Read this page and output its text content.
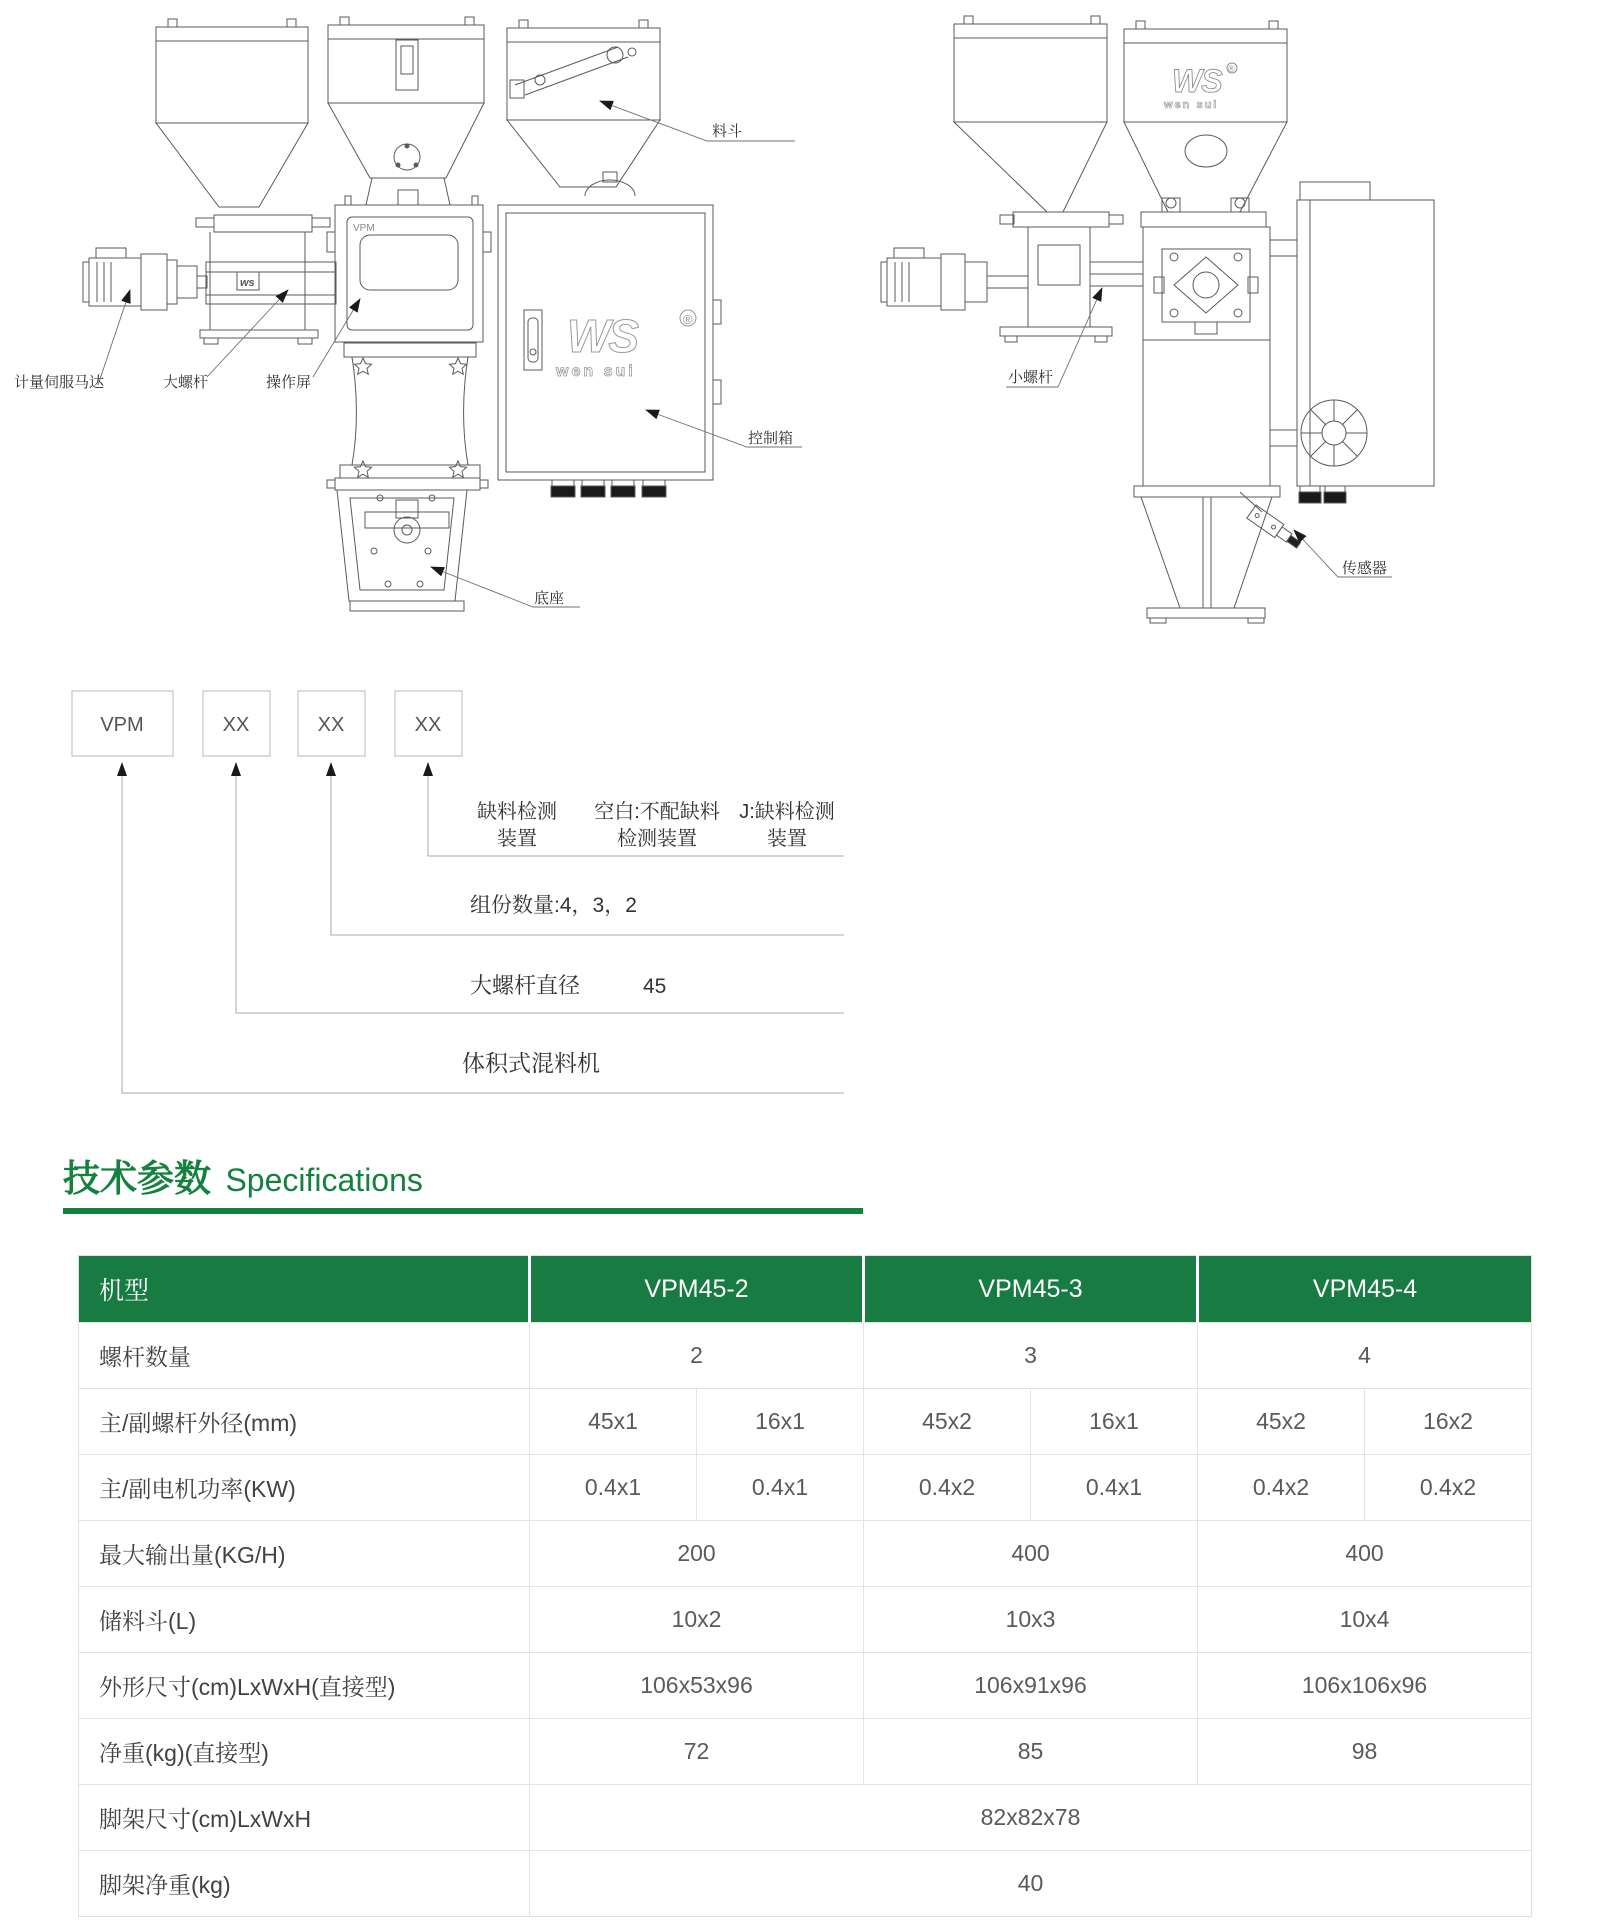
ws
VPM
WS	®
wen sui
WS ®
wen sui
计量伺服马达	大螺杆	操作屏
料斗
控制箱
底座
小螺杆
传感器
VPM	XX	XX	XX
缺料检测
装置
空白:不配缺料
检测装置
J:缺料检测
装置
组份数量:4，3，2
大螺杆直径	45
体积式混料机
技术参数 Specifications
机型	VPM45-2		VPM45-3		VPM45-4	
螺杆数量	2		3		4	
主/副螺杆外径(mm)	45x1	16x1	45x2	16x1	45x2	16x2
主/副电机功率(KW)	0.4x1	0.4x1	0.4x2	0.4x1	0.4x2	0.4x2
最大输出量(KG/H)	200		400		400	
储料斗(L)	10x2		10x3		10x4	
外形尺寸(cm)LxWxH(直接型)	106x53x96		106x91x96		106x106x96	
净重(kg)(直接型)	72		85		98	
脚架尺寸(cm)LxWxH	82x82x78					
脚架净重(kg)	40					
